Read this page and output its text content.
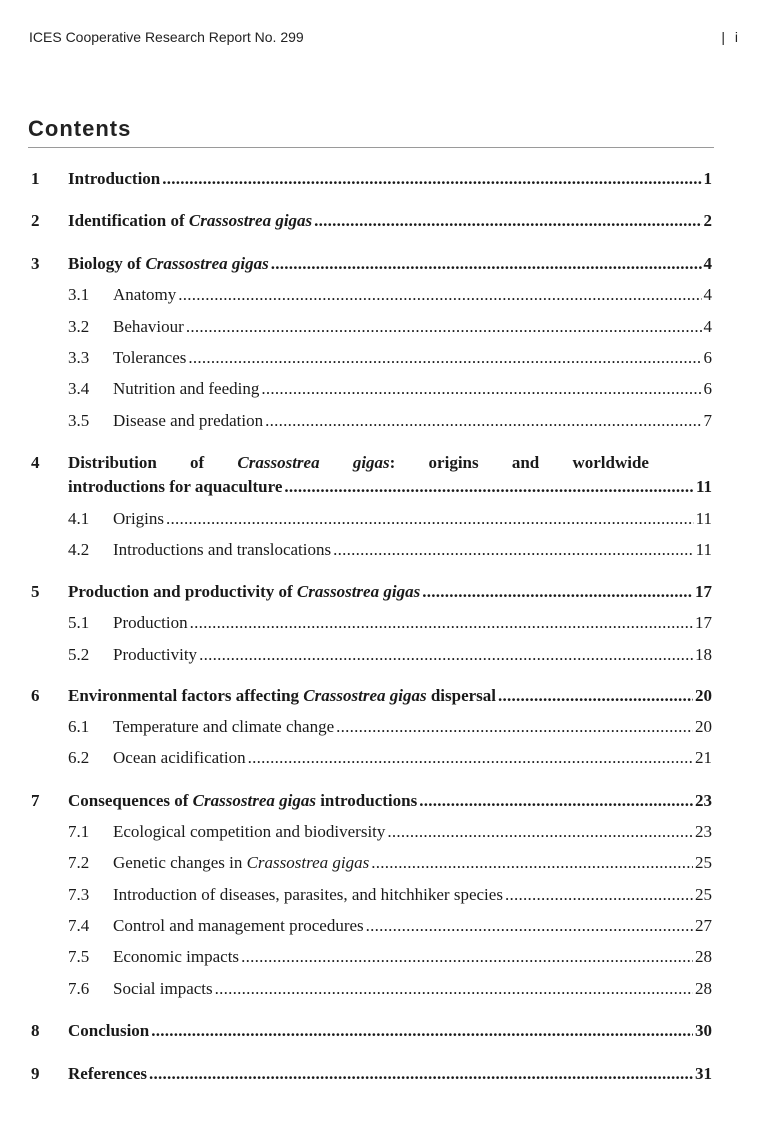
ICES Cooperative Research Report No. 299	| i
Contents
1 Introduction . . .	1
2 Identification of Crassostrea gigas . . .	2
3 Biology of Crassostrea gigas . . .	4
3.1 Anatomy . . .	4
3.2 Behaviour . . .	4
3.3 Tolerances . . .	6
3.4 Nutrition and feeding . . .	6
3.5 Disease and predation . . .	7
4 Distribution of Crassostrea gigas: origins and worldwide
introductions for aquaculture . . .	11
4.1 Origins . . .	11
4.2 Introductions and translocations . . .	11
5 Production and productivity of Crassostrea gigas . . .	17
5.1 Production . . .	17
5.2 Productivity . . .	18
6 Environmental factors affecting Crassostrea gigas dispersal . . .	20
6.1 Temperature and climate change . . .	20
6.2 Ocean acidification . . .	21
7 Consequences of Crassostrea gigas introductions . . .	23
7.1 Ecological competition and biodiversity . . .	23
7.2 Genetic changes in Crassostrea gigas . . .	25
7.3 Introduction of diseases, parasites, and hitchhiker species . . .	25
7.4 Control and management procedures . . .	27
7.5 Economic impacts . . .	28
7.6 Social impacts . . .	28
8 Conclusion . . .	30
9 References . . .	31
